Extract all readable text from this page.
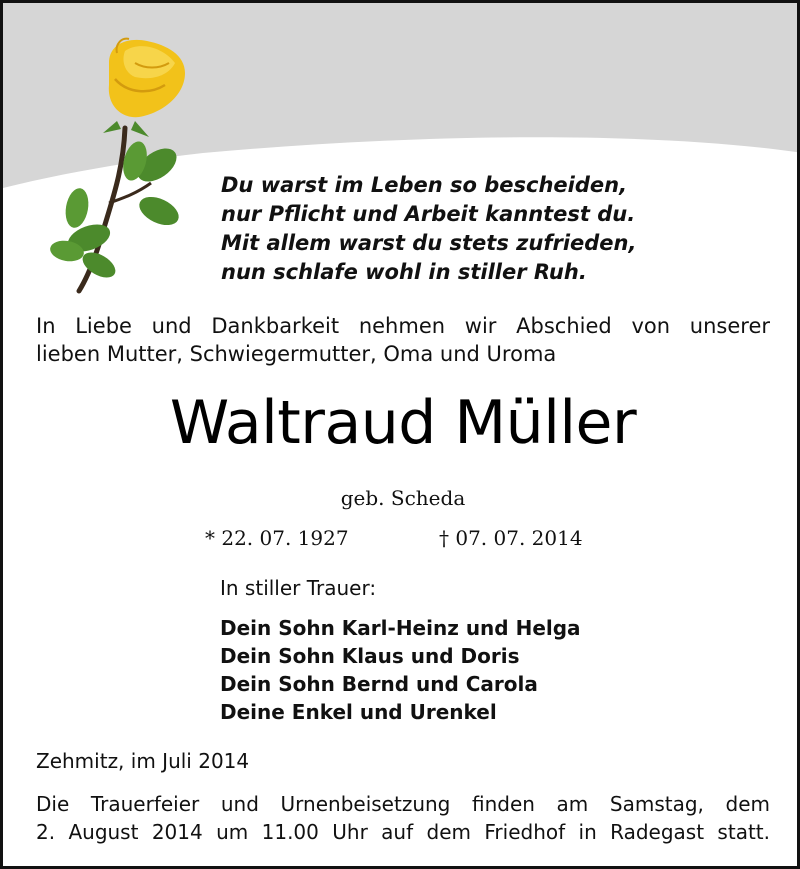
Du warst im Leben so bescheiden,
nur Pflicht und Arbeit kanntest du.
Mit allem warst du stets zufrieden,
nun schlafe wohl in stiller Ruh.

In Liebe und Dankbarkeit nehmen wir Abschied von unserer
lieben Mutter, Schwiegermutter, Oma und Uroma

Waltraud Müller
geb. Scheda
* 22. 07. 1927	† 07. 07. 2014
In stiller Trauer:
Dein Sohn Karl-Heinz und Helga
Dein Sohn Klaus und Doris
Dein Sohn Bernd und Carola
Deine Enkel und Urenkel
Zehmitz, im Juli 2014

Die Trauerfeier und Urnenbeisetzung finden am Samstag, dem
2. August 2014 um 11.00 Uhr auf dem Friedhof in Radegast statt.
